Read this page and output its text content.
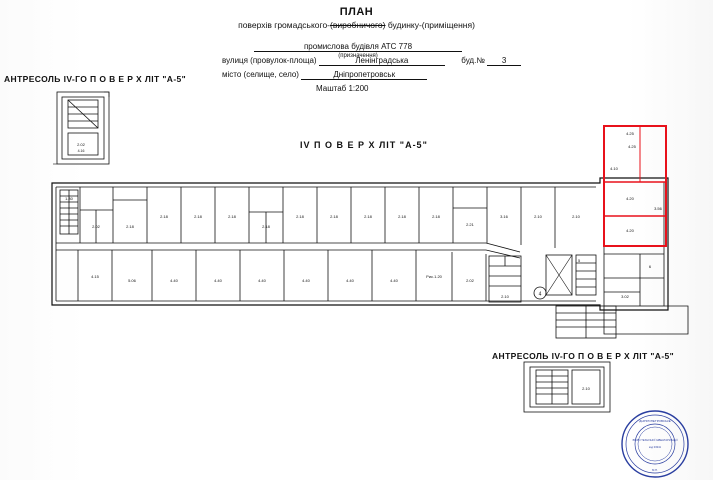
ПЛАН
поверхів громадського-(виробничого) будинку-(приміщення)
промислова будівля АТС 778
(призначення)
вулиця (провулок-площа)	Ленінградська	буд.№ 3
місто (селище, село)	Дніпропетровськ
Маштаб 1:200
АНТРЕСОЛЬ IV-ГО П О В Е Р Х ЛІТ "А-5"
IV П О В Е Р Х ЛІТ "А-5"
АНТРЕСОЛЬ IV-ГО П О В Е Р Х ЛІТ "А-5"
2.02
4.16
4
5
6
2.10
1.80
2.02	2.18
2.18	2.18	2.18
2.18
2.18	2.18	2.18	2.18	2.18
2.21
3.16	2.10	2.10
4.15
5.06	4.40	4.40	4.40	4.40	4.40	4.40
Рис.1.20
2.02
2.10	3.02
4.25
4.20
4.20
3.56
4.25
4.10
ДНІПРОПЕТРОВСЬКЕ
БЮРО ТЕХНІЧНОЇ ІНВЕНТАРИЗАЦІЇ
код 03341
М.П.
